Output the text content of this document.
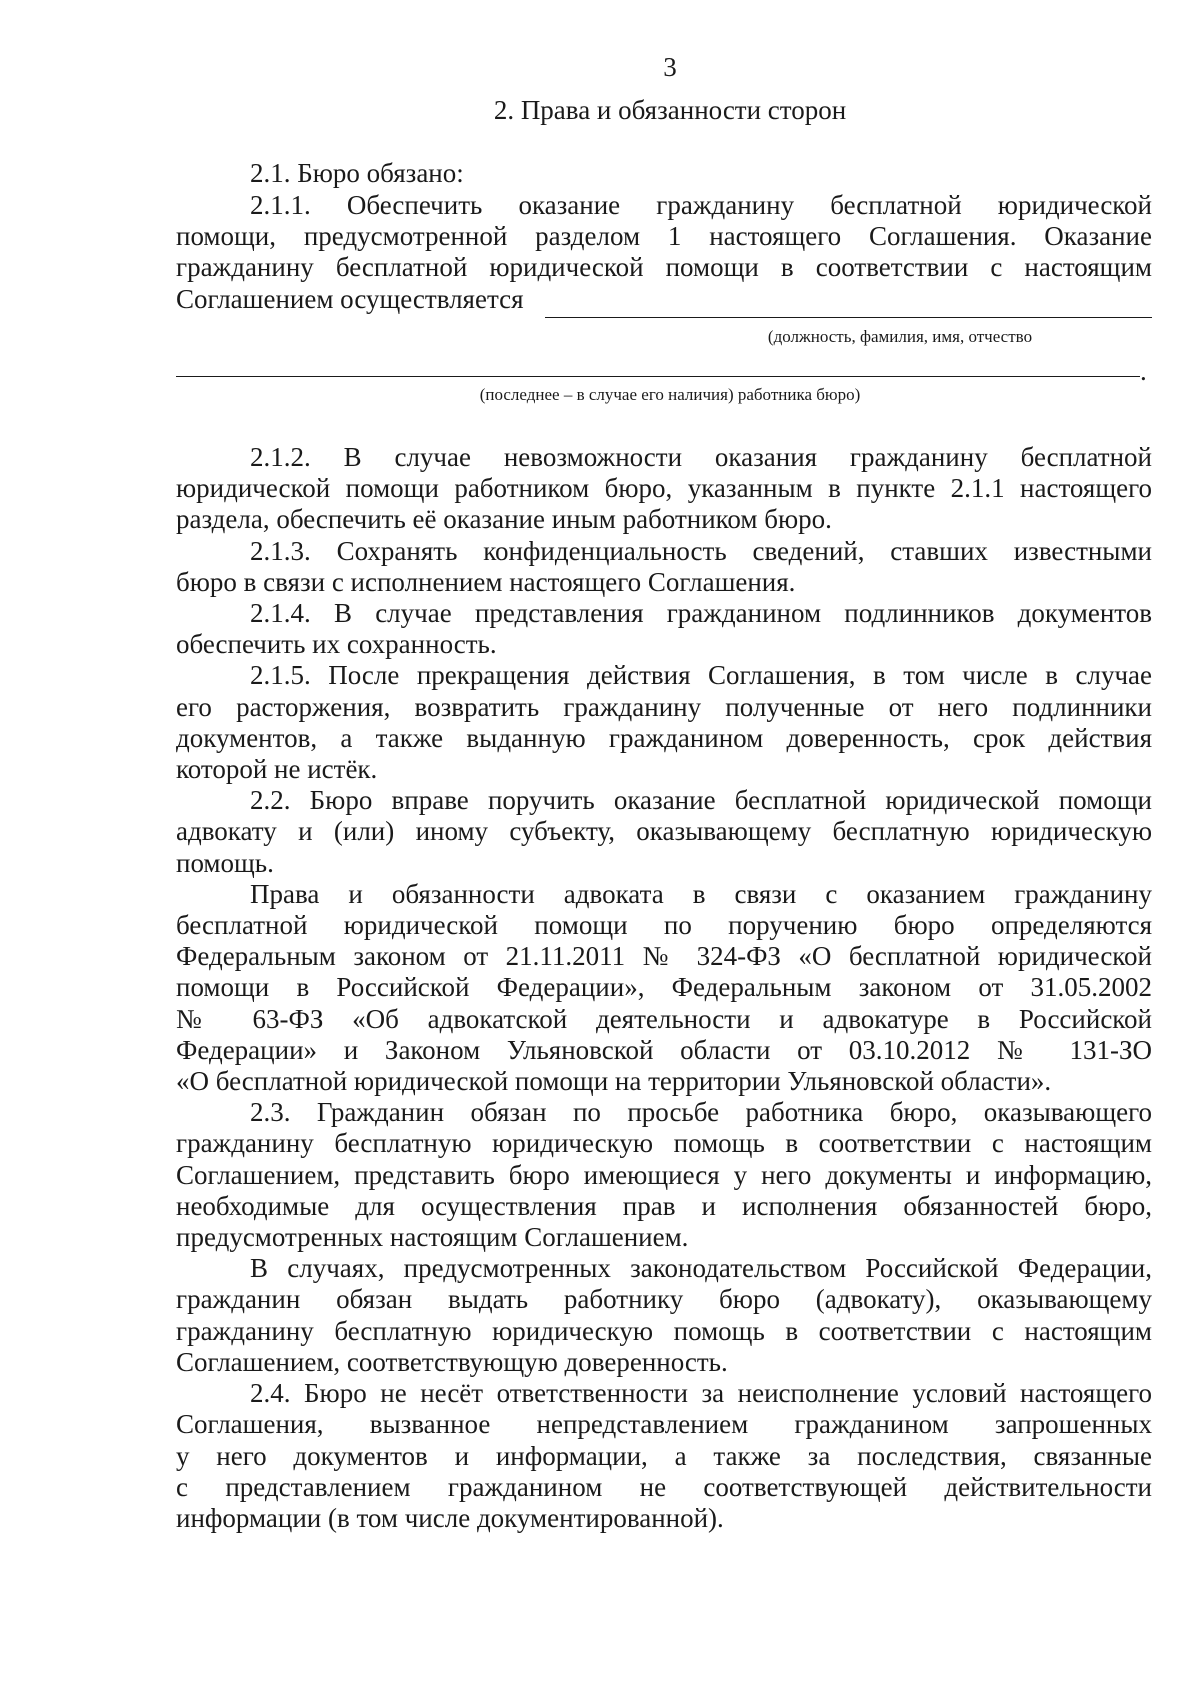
3
2. Права и обязанности сторон
2.1. Бюро обязано:
2.1.1. Обеспечить оказание гражданину бесплатной юридической
помощи, предусмотренной разделом 1 настоящего Соглашения. Оказание
гражданину бесплатной юридической помощи в соответствии с настоящим
Соглашением осуществляется
(должность, фамилия, имя, отчество
.
(последнее – в случае его наличия) работника бюро)
2.1.2. В случае невозможности оказания гражданину бесплатной
юридической помощи работником бюро, указанным в пункте 2.1.1 настоящего
раздела, обеспечить её оказание иным работником бюро.
2.1.3. Сохранять конфиденциальность сведений, ставших известными
бюро в связи с исполнением настоящего Соглашения.
2.1.4. В случае представления гражданином подлинников документов
обеспечить их сохранность.
2.1.5. После прекращения действия Соглашения, в том числе в случае
его расторжения, возвратить гражданину полученные от него подлинники
документов, а также выданную гражданином доверенность, срок действия
которой не истёк.
2.2. Бюро вправе поручить оказание бесплатной юридической помощи
адвокату и (или) иному субъекту, оказывающему бесплатную юридическую
помощь.
Права и обязанности адвоката в связи с оказанием гражданину
бесплатной юридической помощи по поручению бюро определяются
Федеральным законом от 21.11.2011 № 324-ФЗ «О бесплатной юридической
помощи в Российской Федерации», Федеральным законом от 31.05.2002
№ 63-ФЗ «Об адвокатской деятельности и адвокатуре в Российской
Федерации» и Законом Ульяновской области от 03.10.2012 № 131-ЗО
«О бесплатной юридической помощи на территории Ульяновской области».
2.3. Гражданин обязан по просьбе работника бюро, оказывающего
гражданину бесплатную юридическую помощь в соответствии с настоящим
Соглашением, представить бюро имеющиеся у него документы и информацию,
необходимые для осуществления прав и исполнения обязанностей бюро,
предусмотренных настоящим Соглашением.
В случаях, предусмотренных законодательством Российской Федерации,
гражданин обязан выдать работнику бюро (адвокату), оказывающему
гражданину бесплатную юридическую помощь в соответствии с настоящим
Соглашением, соответствующую доверенность.
2.4. Бюро не несёт ответственности за неисполнение условий настоящего
Соглашения, вызванное непредставлением гражданином запрошенных
у него документов и информации, а также за последствия, связанные
с представлением гражданином не соответствующей действительности
информации (в том числе документированной).
